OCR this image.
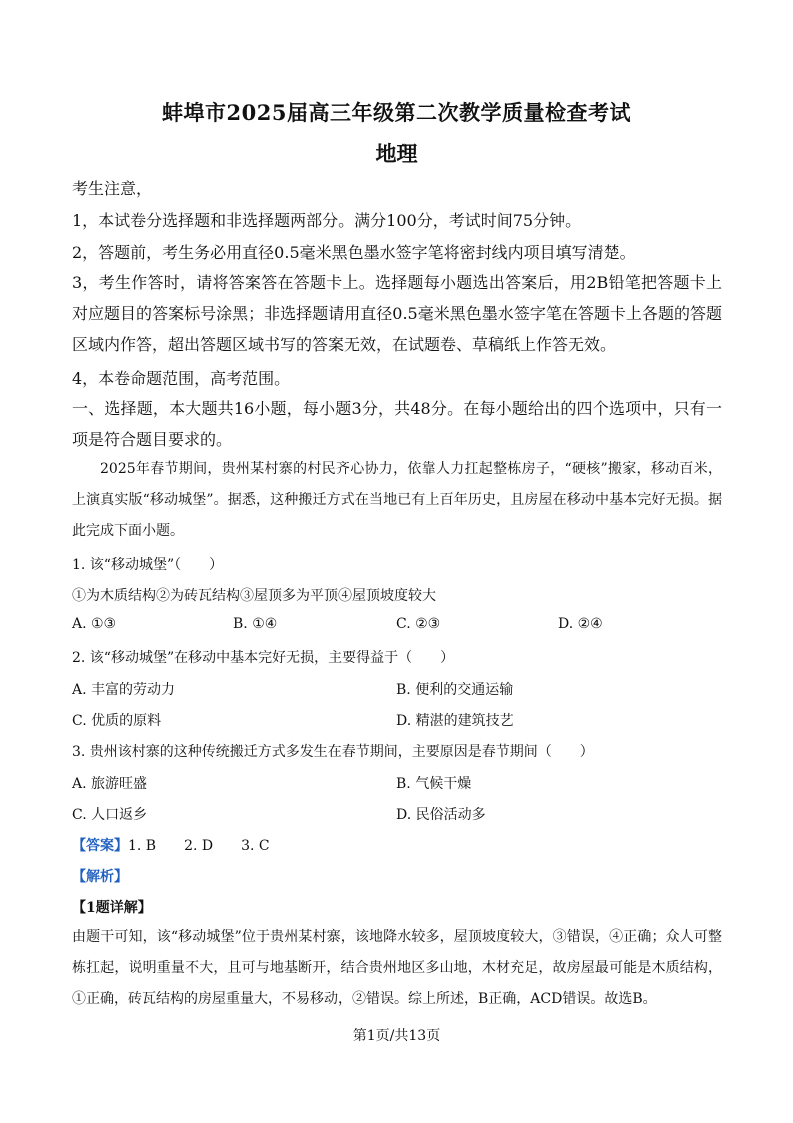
蚌埠市2025届高三年级第二次教学质量检查考试
地理
考生注意，
1，本试卷分选择题和非选择题两部分。满分100分，考试时间75分钟。
2，答题前，考生务必用直径0.5毫米黑色墨水签字笔将密封线内项目填写清楚。
3，考生作答时，请将答案答在答题卡上。选择题每小题选出答案后，用2B铅笔把答题卡上对应题目的答案标号涂黑；非选择题请用直径0.5毫米黑色墨水签字笔在答题卡上各题的答题区域内作答，超出答题区域书写的答案无效，在试题卷、草稿纸上作答无效。
4，本卷命题范围，高考范围。
一、选择题，本大题共16小题，每小题3分，共48分。在每小题给出的四个选项中，只有一项是符合题目要求的。
2025年春节期间，贵州某村寨的村民齐心协力，依靠人力扛起整栋房子，“硬核”搬家，移动百米，上演真实版“移动城堡”。据悉，这种搬迁方式在当地已有上百年历史，且房屋在移动中基本完好无损。据此完成下面小题。
1. 该“移动城堡”（　　）
①为木质结构②为砖瓦结构③屋顶多为平顶④屋顶坡度较大
A. ①③	B. ①④	C. ②③	D. ②④
2. 该“移动城堡”在移动中基本完好无损，主要得益于（　　）
A. 丰富的劳动力	B. 便利的交通运输
C. 优质的原料	D. 精湛的建筑技艺
3. 贵州该村寨的这种传统搬迁方式多发生在春节期间，主要原因是春节期间（　　）
A. 旅游旺盛	B. 气候干燥
C. 人口返乡	D. 民俗活动多
【答案】1. B　　2. D　　3. C
【解析】
【1题详解】
由题干可知，该“移动城堡”位于贵州某村寨，该地降水较多，屋顶坡度较大，③错误，④正确；众人可整栋扛起，说明重量不大，且可与地基断开，结合贵州地区多山地，木材充足，故房屋最可能是木质结构，①正确，砖瓦结构的房屋重量大，不易移动，②错误。综上所述，B正确，ACD错误。故选B。
第1页/共13页
